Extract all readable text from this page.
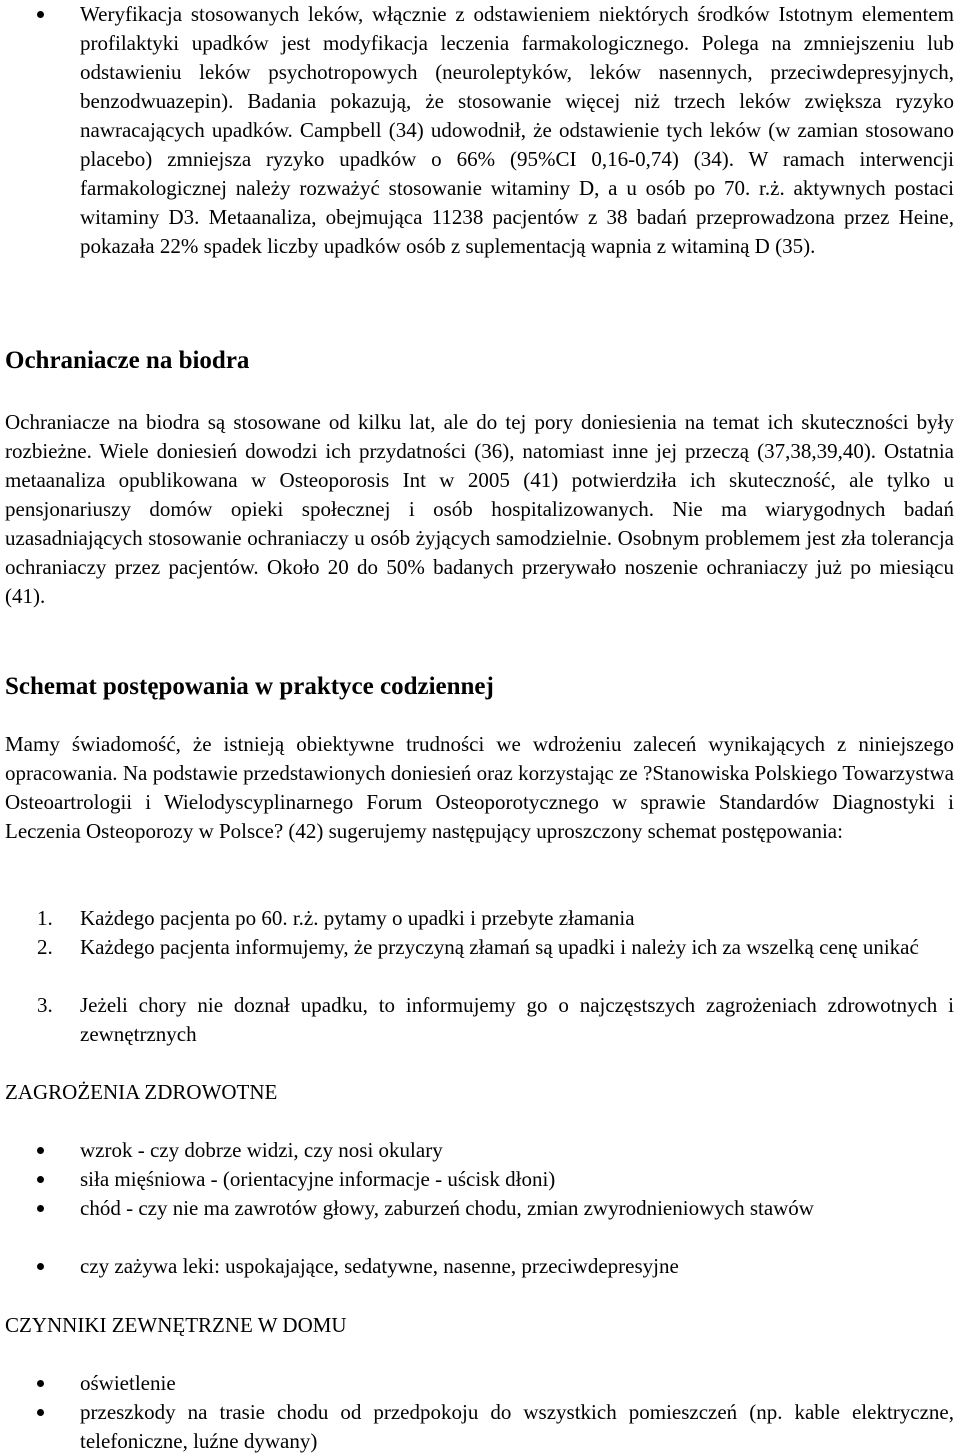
Weryfikacja stosowanych leków, włącznie z odstawieniem niektórych środków Istotnym elementem profilaktyki upadków jest modyfikacja leczenia farmakologicznego. Polega na zmniejszeniu lub odstawieniu leków psychotropowych (neuroleptyków, leków nasennych, przeciwdepresyjnych, benzodwuazepin). Badania pokazują, że stosowanie więcej niż trzech leków zwiększa ryzyko nawracających upadków. Campbell (34) udowodnił, że odstawienie tych leków (w zamian stosowano placebo) zmniejsza ryzyko upadków o 66% (95%CI 0,16-0,74) (34). W ramach interwencji farmakologicznej należy rozważyć stosowanie witaminy D, a u osób po 70. r.ż. aktywnych postaci witaminy D3. Metaanaliza, obejmująca 11238 pacjentów z 38 badań przeprowadzona przez Heine, pokazała 22% spadek liczby upadków osób z suplementacją wapnia z witaminą D (35).
Ochraniacze na biodra

Ochraniacze na biodra są stosowane od kilku lat, ale do tej pory doniesienia na temat ich skuteczności były rozbieżne. Wiele doniesień dowodzi ich przydatności (36), natomiast inne jej przeczą (37,38,39,40). Ostatnia metaanaliza opublikowana w Osteoporosis Int w 2005 (41) potwierdziła ich skuteczność, ale tylko u pensjonariuszy domów opieki społecznej i osób hospitalizowanych. Nie ma wiarygodnych badań uzasadniających stosowanie ochraniaczy u osób żyjących samodzielnie. Osobnym problemem jest zła tolerancja ochraniaczy przez pacjentów. Około 20 do 50% badanych przerywało noszenie ochraniaczy już po miesiącu (41).

Schemat postępowania w praktyce codziennej

Mamy świadomość, że istnieją obiektywne trudności we wdrożeniu zaleceń wynikających z niniejszego opracowania. Na podstawie przedstawionych doniesień oraz korzystając ze ?Stanowiska Polskiego Towarzystwa Osteoartrologii i Wielodyscyplinarnego Forum Osteoporotycznego w sprawie Standardów Diagnostyki i Leczenia Osteoporozy w Polsce? (42) sugerujemy następujący uproszczony schemat postępowania:

1. Każdego pacjenta po 60. r.ż. pytamy o upadki i przebyte złamania
2. Każdego pacjenta informujemy, że przyczyną złamań są upadki i należy ich za wszelką cenę unikać
3. Jeżeli chory nie doznał upadku, to informujemy go o najczęstszych zagrożeniach zdrowotnych i zewnętrznych
ZAGROŻENIA ZDROWOTNE
wzrok - czy dobrze widzi, czy nosi okulary
siła mięśniowa - (orientacyjne informacje - uścisk dłoni)
chód - czy nie ma zawrotów głowy, zaburzeń chodu, zmian zwyrodnieniowych stawów
czy zażywa leki: uspokajające, sedatywne, nasenne, przeciwdepresyjne
CZYNNIKI ZEWNĘTRZNE W DOMU
oświetlenie
przeszkody na trasie chodu od przedpokoju do wszystkich pomieszczeń (np. kable elektryczne, telefoniczne, luźne dywany)
